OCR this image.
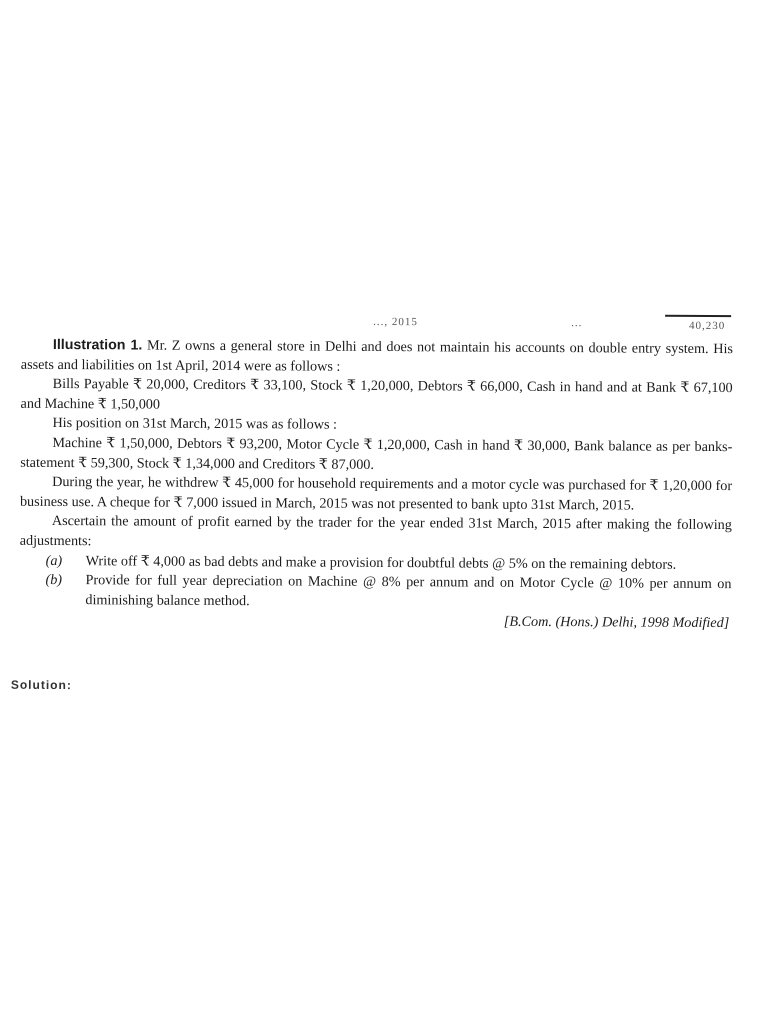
..., 2015	...	40,230

Illustration 1. Mr. Z owns a general store in Delhi and does not maintain his accounts on double entry system. His assets and liabilities on 1st April, 2014 were as follows :

Bills Payable ₹ 20,000, Creditors ₹ 33,100, Stock ₹ 1,20,000, Debtors ₹ 66,000, Cash in hand and at Bank ₹ 67,100 and Machine ₹ 1,50,000

His position on 31st March, 2015 was as follows :

Machine ₹ 1,50,000, Debtors ₹ 93,200, Motor Cycle ₹ 1,20,000, Cash in hand ₹ 30,000, Bank balance as per banks-statement ₹ 59,300, Stock ₹ 1,34,000 and Creditors ₹ 87,000.

During the year, he withdrew ₹ 45,000 for household requirements and a motor cycle was purchased for ₹ 1,20,000 for business use. A cheque for ₹ 7,000 issued in March, 2015 was not presented to bank upto 31st March, 2015.

Ascertain the amount of profit earned by the trader for the year ended 31st March, 2015 after making the following adjustments:

(a)	Write off ₹ 4,000 as bad debts and make a provision for doubtful debts @ 5% on the remaining debtors.
(b)	Provide for full year depreciation on Machine @ 8% per annum and on Motor Cycle @ 10% per annum on diminishing balance method.

[B.Com. (Hons.) Delhi, 1998 Modified]

Solution:
